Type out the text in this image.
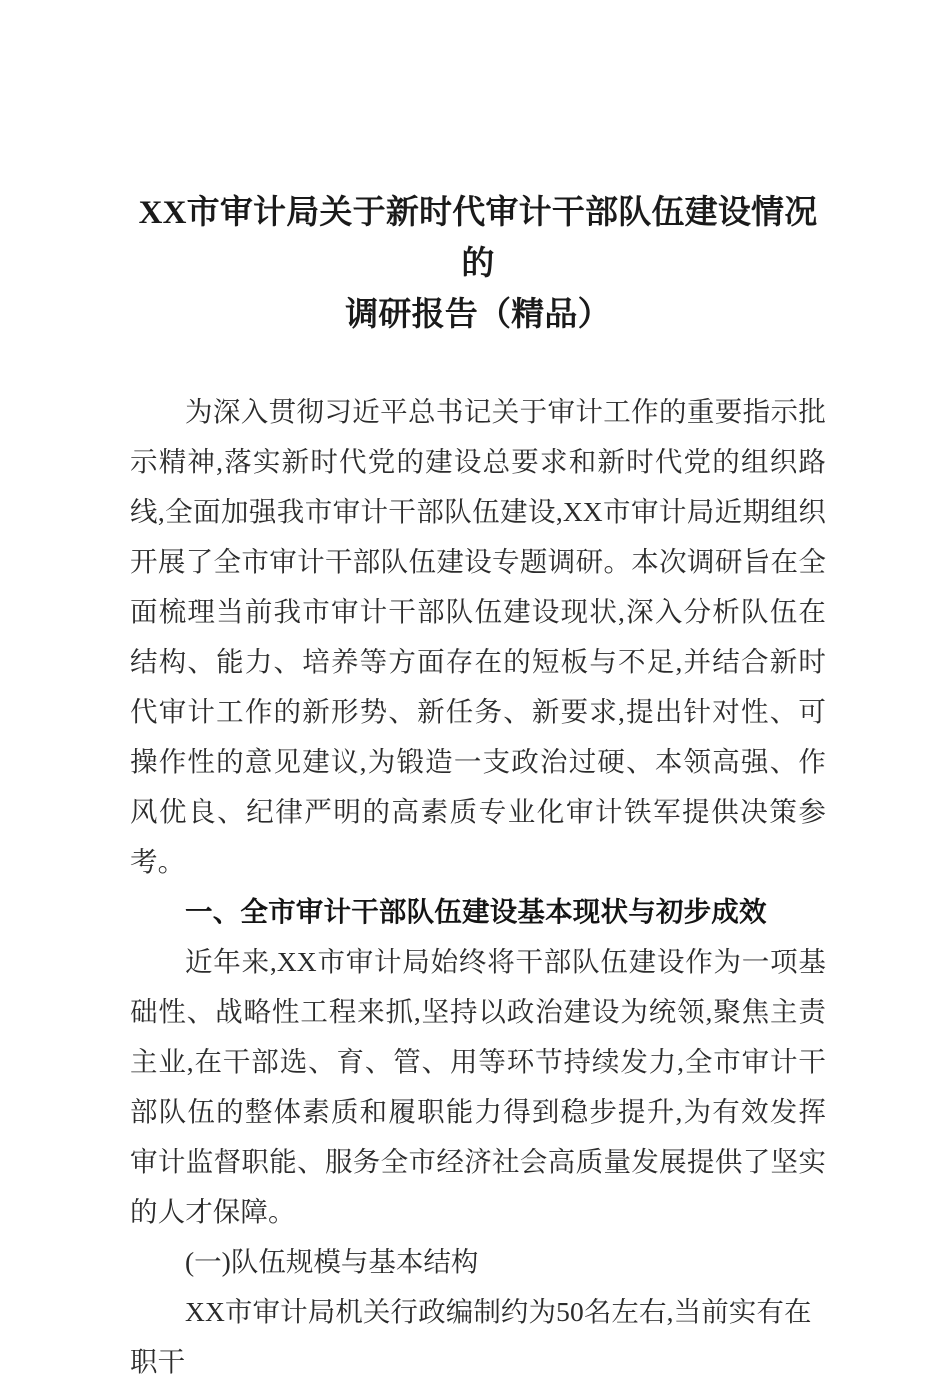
XX市审计局关于新时代审计干部队伍建设情况的
调研报告（精品）

为深入贯彻习近平总书记关于审计工作的重要指示批示精神,落实新时代党的建设总要求和新时代党的组织路线,全面加强我市审计干部队伍建设,XX市审计局近期组织开展了全市审计干部队伍建设专题调研。本次调研旨在全面梳理当前我市审计干部队伍建设现状,深入分析队伍在结构、能力、培养等方面存在的短板与不足,并结合新时代审计工作的新形势、新任务、新要求,提出针对性、可操作性的意见建议,为锻造一支政治过硬、本领高强、作风优良、纪律严明的高素质专业化审计铁军提供决策参考。

一、全市审计干部队伍建设基本现状与初步成效

近年来,XX市审计局始终将干部队伍建设作为一项基础性、战略性工程来抓,坚持以政治建设为统领,聚焦主责主业,在干部选、育、管、用等环节持续发力,全市审计干部队伍的整体素质和履职能力得到稳步提升,为有效发挥审计监督职能、服务全市经济社会高质量发展提供了坚实的人才保障。

(一)队伍规模与基本结构

XX市审计局机关行政编制约为50名左右,当前实有在职干
